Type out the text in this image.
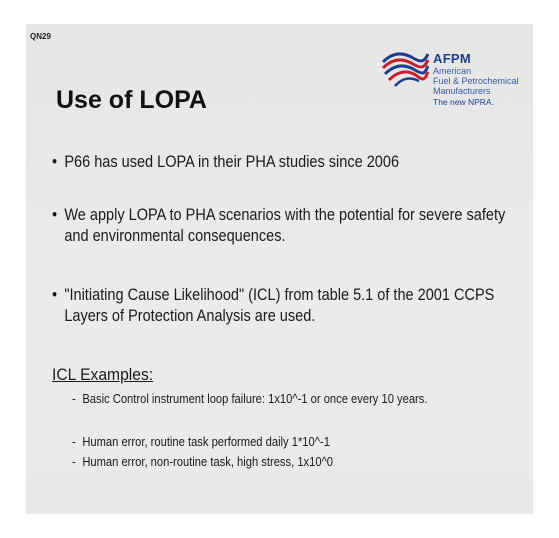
QN29
AFPM
American
Fuel & Petrochemical
Manufacturers
The new NPRA.
Use of LOPA
• P66 has used LOPA in their PHA studies since 2006
• We apply LOPA to PHA scenarios with the potential for severe safety and environmental consequences.
• "Initiating Cause Likelihood" (ICL) from table 5.1 of the 2001 CCPS Layers of Protection Analysis are used.
ICL Examples:
- Basic Control instrument loop failure: 1x10^-1 or once every 10 years.
- Human error, routine task performed daily 1*10^-1
- Human error, non-routine task, high stress, 1x10^0
